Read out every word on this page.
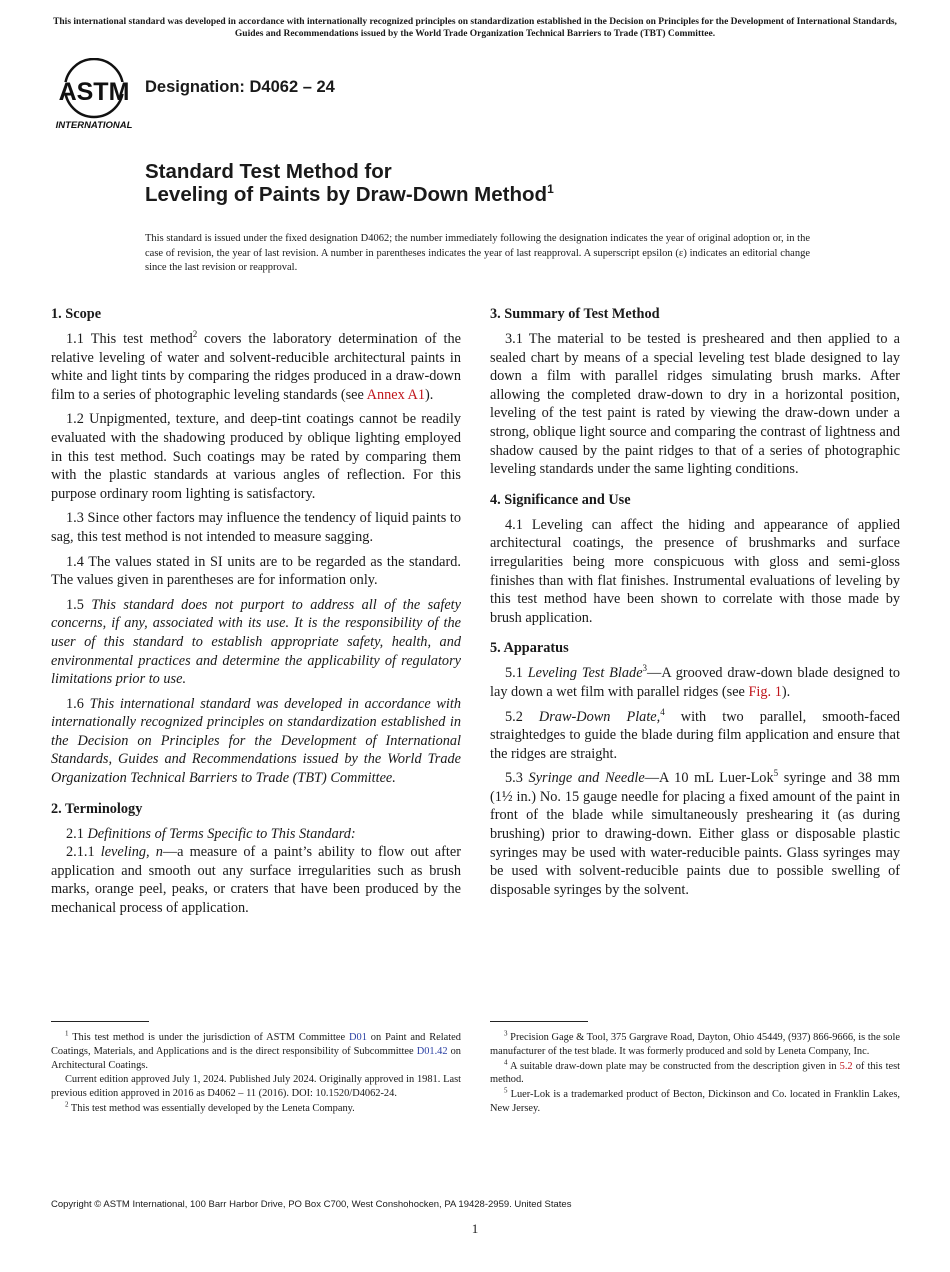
This international standard was developed in accordance with internationally recognized principles on standardization established in the Decision on Principles for the Development of International Standards, Guides and Recommendations issued by the World Trade Organization Technical Barriers to Trade (TBT) Committee.
ASTM
INTERNATIONAL
Designation: D4062 – 24
Standard Test Method for
Leveling of Paints by Draw-Down Method$^1$
This standard is issued under the fixed designation D4062; the number immediately following the designation indicates the year of original adoption or, in the case of revision, the year of last revision. A number in parentheses indicates the year of last reapproval. A superscript epsilon (ε) indicates an editorial change since the last revision or reapproval.
1. Scope

1.1 This test method$^2$ covers the laboratory determination of the relative leveling of water and solvent-reducible architectural paints in white and light tints by comparing the ridges produced in a draw-down film to a series of photographic leveling standards (see Annex A1).

1.2 Unpigmented, texture, and deep-tint coatings cannot be readily evaluated with the shadowing produced by oblique lighting employed in this test method. Such coatings may be rated by comparing them with the plastic standards at various angles of reflection. For this purpose ordinary room lighting is satisfactory.

1.3 Since other factors may influence the tendency of liquid paints to sag, this test method is not intended to measure sagging.

1.4 The values stated in SI units are to be regarded as the standard. The values given in parentheses are for information only.

1.5 This standard does not purport to address all of the safety concerns, if any, associated with its use. It is the responsibility of the user of this standard to establish appropriate safety, health, and environmental practices and determine the applicability of regulatory limitations prior to use.

1.6 This international standard was developed in accordance with internationally recognized principles on standardization established in the Decision on Principles for the Development of International Standards, Guides and Recommendations issued by the World Trade Organization Technical Barriers to Trade (TBT) Committee.

2. Terminology

2.1 Definitions of Terms Specific to This Standard:

2.1.1 leveling, n—a measure of a paint’s ability to flow out after application and smooth out any surface irregularities such as brush marks, orange peel, peaks, or craters that have been produced by the mechanical process of application.

3. Summary of Test Method

3.1 The material to be tested is presheared and then applied to a sealed chart by means of a special leveling test blade designed to lay down a film with parallel ridges simulating brush marks. After allowing the completed draw-down to dry in a horizontal position, leveling of the test paint is rated by viewing the draw-down under a strong, oblique light source and comparing the contrast of lightness and shadow caused by the paint ridges to that of a series of photographic leveling standards under the same lighting conditions.

4. Significance and Use

4.1 Leveling can affect the hiding and appearance of applied architectural coatings, the presence of brushmarks and surface irregularities being more conspicuous with gloss and semi-gloss finishes than with flat finishes. Instrumental evaluations of leveling by this test method have been shown to correlate with those made by brush application.

5. Apparatus

5.1 Leveling Test Blade$^3$—A grooved draw-down blade designed to lay down a wet film with parallel ridges (see Fig. 1).

5.2 Draw-Down Plate,$^4$ with two parallel, smooth-faced straightedges to guide the blade during film application and ensure that the ridges are straight.

5.3 Syringe and Needle—A 10 mL Luer-Lok$^5$ syringe and 38 mm (1½ in.) No. 15 gauge needle for placing a fixed amount of the paint in front of the blade while simultaneously preshearing it (as during brushing) prior to drawing-down. Either glass or disposable plastic syringes may be used with water-reducible paints. Glass syringes may be used with solvent-reducible paints due to possible swelling of disposable syringes by the solvent.

$^1$ This test method is under the jurisdiction of ASTM Committee D01 on Paint and Related Coatings, Materials, and Applications and is the direct responsibility of Subcommittee D01.42 on Architectural Coatings.

Current edition approved July 1, 2024. Published July 2024. Originally approved in 1981. Last previous edition approved in 2016 as D4062 – 11 (2016). DOI: 10.1520/D4062-24.

$^2$ This test method was essentially developed by the Leneta Company.

$^3$ Precision Gage & Tool, 375 Gargrave Road, Dayton, Ohio 45449, (937) 866-9666, is the sole manufacturer of the test blade. It was formerly produced and sold by Leneta Company, Inc.

$^4$ A suitable draw-down plate may be constructed from the description given in 5.2 of this test method.

$^5$ Luer-Lok is a trademarked product of Becton, Dickinson and Co. located in Franklin Lakes, New Jersey.

Copyright © ASTM International, 100 Barr Harbor Drive, PO Box C700, West Conshohocken, PA 19428-2959. United States
1
